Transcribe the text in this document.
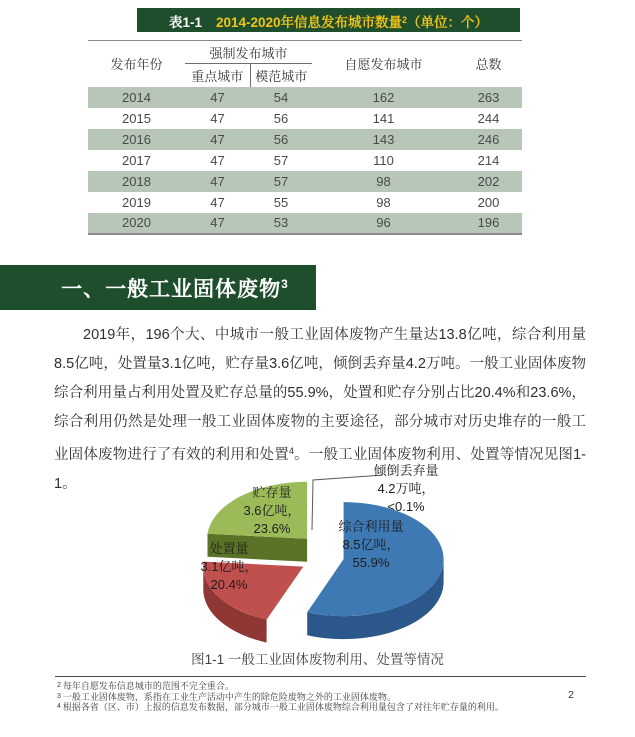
表1-1 2014-2020年信息发布城市数量$^2$（单位：个）
发布年份	强制发布城市		自愿发布城市	总数
	重点城市	模范城市		
2014	47	54	162	263
2015	47	56	141	244
2016	47	56	143	246
2017	47	57	110	214
2018	47	57	98	202
2019	47	55	98	200
2020	47	53	96	196
一、一般工业固体废物 3
2019年，196个大、中城市一般工业固体废物产生量达13.8亿吨，综合利用量8.5亿吨，处置量3.1亿吨，贮存量3.6亿吨，倾倒丢弃量4.2万吨。一般工业固体废物综合利用量占利用处置及贮存总量的55.9%，处置和贮存分别占比20.4%和23.6%，综合利用仍然是处理一般工业固体废物的主要途径，部分城市对历史堆存的一般工业固体废物进行了有效的利用和处置$^4$。一般工业固体废物利用、处置等情况见图1-1。
综合利用量
8.5亿吨，
55.9%
倾倒丢弃量
4.2万吨，
<0.1%
处置量
3.1亿吨，
20.4%
贮存量
3.6亿吨，
23.6%
图1-1 一般工业固体废物利用、处置等情况
$^2$ 每年自愿发布信息城市的范围不完全重合。
$^3$ 一般工业固体废物，系指在工业生产活动中产生的除危险废物之外的工业固体废物。
$^4$ 根据各省（区、市）上报的信息发布数据，部分城市一般工业固体废物综合利用量包含了对往年贮存量的利用。
2
